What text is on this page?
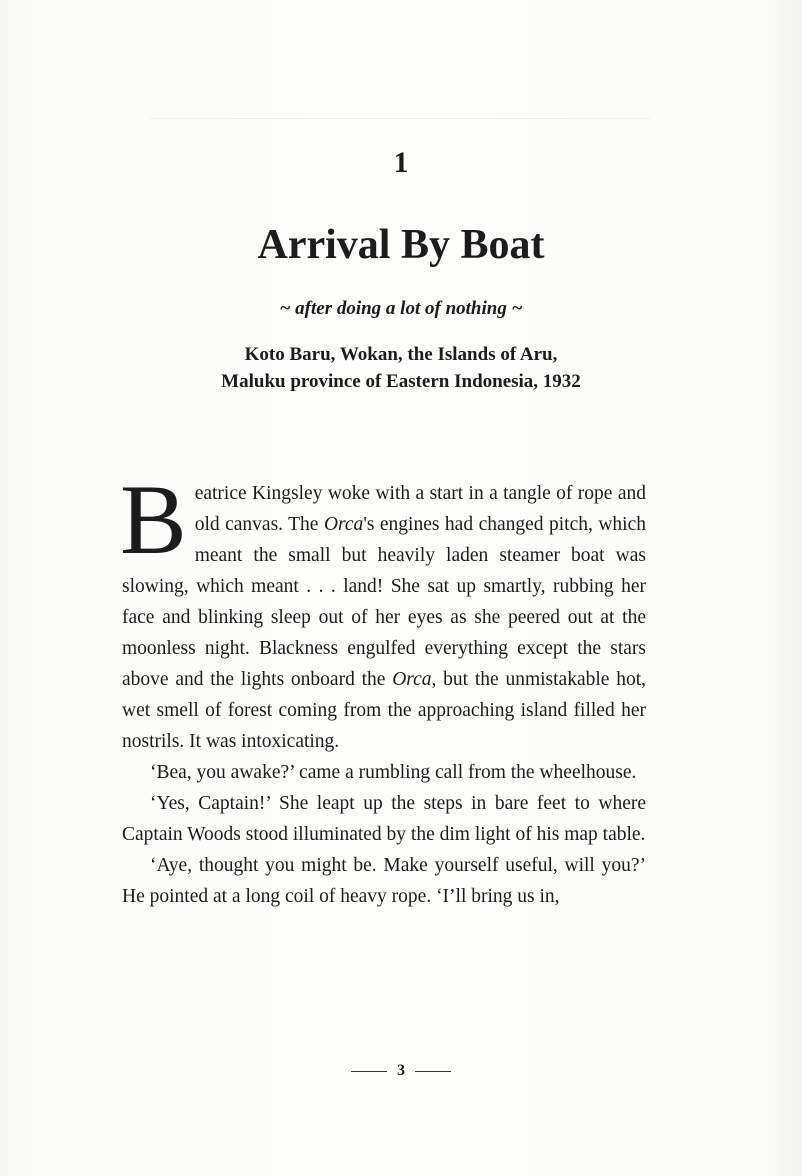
1
Arrival By Boat
~ after doing a lot of nothing ~
Koto Baru, Wokan, the Islands of Aru,
Maluku province of Eastern Indonesia, 1932

Beatrice Kingsley woke with a start in a tangle of rope and old canvas. The Orca's engines had changed pitch, which meant the small but heavily laden steamer boat was slowing, which meant . . . land! She sat up smartly, rubbing her face and blinking sleep out of her eyes as she peered out at the moonless night. Blackness engulfed everything except the stars above and the lights onboard the Orca, but the unmistakable hot, wet smell of forest coming from the approaching island filled her nostrils. It was intoxicating.

‘Bea, you awake?’ came a rumbling call from the wheelhouse.

‘Yes, Captain!’ She leapt up the steps in bare feet to where Captain Woods stood illuminated by the dim light of his map table.

‘Aye, thought you might be. Make yourself useful, will you?’ He pointed at a long coil of heavy rope. ‘I’ll bring us in,

3
